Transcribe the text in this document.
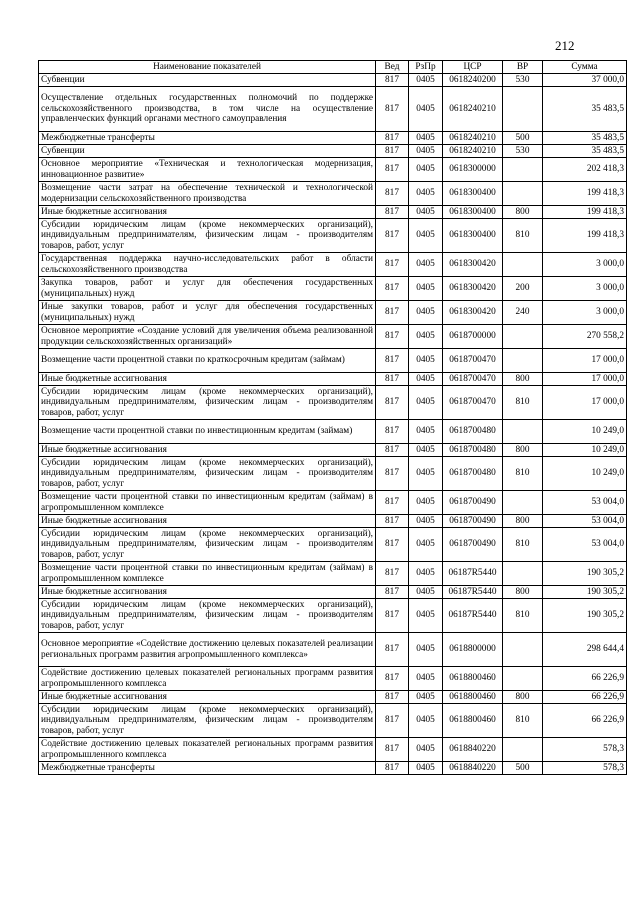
212
Наименование показателей	Вед	РзПр	ЦСР	ВР	Сумма
Субвенции	817	0405	0618240200	530	37 000,0
Осуществление отдельных государственных полномочий по поддержке сельскохозяйственного производства, в том числе на осуществление управленческих функций органами местного самоуправления	817	0405	0618240210		35 483,5
Межбюджетные трансферты	817	0405	0618240210	500	35 483,5
Субвенции	817	0405	0618240210	530	35 483,5
Основное мероприятие «Техническая и технологическая модернизация, инновационное развитие»	817	0405	0618300000		202 418,3
Возмещение части затрат на обеспечение технической и технологической модернизации сельскохозяйственного производства	817	0405	0618300400		199 418,3
Иные бюджетные ассигнования	817	0405	0618300400	800	199 418,3
Субсидии юридическим лицам (кроме некоммерческих организаций), индивидуальным предпринимателям, физическим лицам - производителям товаров, работ, услуг	817	0405	0618300400	810	199 418,3
Государственная поддержка научно-исследовательских работ в области сельскохозяйственного производства	817	0405	0618300420		3 000,0
Закупка товаров, работ и услуг для обеспечения государственных (муниципальных) нужд	817	0405	0618300420	200	3 000,0
Иные закупки товаров, работ и услуг для обеспечения государственных (муниципальных) нужд	817	0405	0618300420	240	3 000,0
Основное мероприятие «Создание условий для увеличения объема реализованной продукции сельскохозяйственных организаций»	817	0405	0618700000		270 558,2
Возмещение части процентной ставки по краткосрочным кредитам (займам)	817	0405	0618700470		17 000,0
Иные бюджетные ассигнования	817	0405	0618700470	800	17 000,0
Субсидии юридическим лицам (кроме некоммерческих организаций), индивидуальным предпринимателям, физическим лицам - производителям товаров, работ, услуг	817	0405	0618700470	810	17 000,0
Возмещение части процентной ставки по инвестиционным кредитам (займам)	817	0405	0618700480		10 249,0
Иные бюджетные ассигнования	817	0405	0618700480	800	10 249,0
Субсидии юридическим лицам (кроме некоммерческих организаций), индивидуальным предпринимателям, физическим лицам - производителям товаров, работ, услуг	817	0405	0618700480	810	10 249,0
Возмещение части процентной ставки по инвестиционным кредитам (займам) в агропромышленном комплексе	817	0405	0618700490		53 004,0
Иные бюджетные ассигнования	817	0405	0618700490	800	53 004,0
Субсидии юридическим лицам (кроме некоммерческих организаций), индивидуальным предпринимателям, физическим лицам - производителям товаров, работ, услуг	817	0405	0618700490	810	53 004,0
Возмещение части процентной ставки по инвестиционным кредитам (займам) в агропромышленном комплексе	817	0405	06187R5440		190 305,2
Иные бюджетные ассигнования	817	0405	06187R5440	800	190 305,2
Субсидии юридическим лицам (кроме некоммерческих организаций), индивидуальным предпринимателям, физическим лицам - производителям товаров, работ, услуг	817	0405	06187R5440	810	190 305,2
Основное мероприятие «Содействие достижению целевых показателей реализации региональных программ развития агропромышленного комплекса»	817	0405	0618800000		298 644,4
Содействие достижению целевых показателей региональных программ развития агропромышленного комплекса	817	0405	0618800460		66 226,9
Иные бюджетные ассигнования	817	0405	0618800460	800	66 226,9
Субсидии юридическим лицам (кроме некоммерческих организаций), индивидуальным предпринимателям, физическим лицам - производителям товаров, работ, услуг	817	0405	0618800460	810	66 226,9
Содействие достижению целевых показателей региональных программ развития агропромышленного комплекса	817	0405	0618840220		578,3
Межбюджетные трансферты	817	0405	0618840220	500	578,3
